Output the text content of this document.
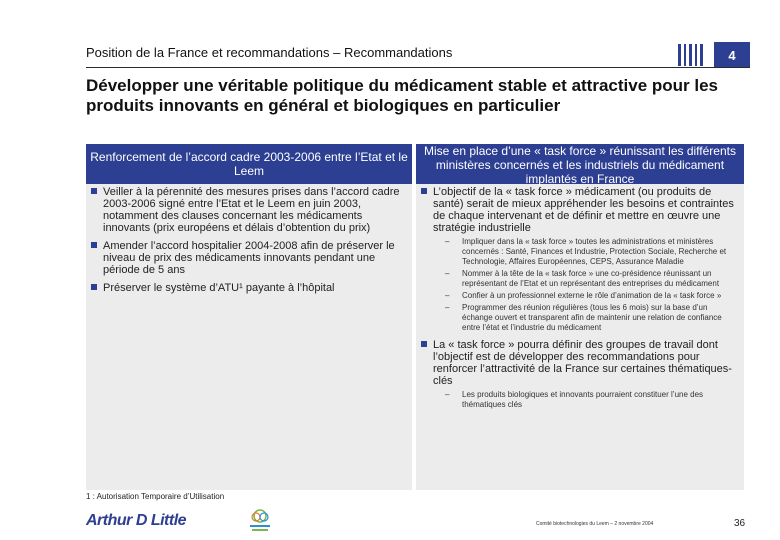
Position de la France et recommandations – Recommandations	4
Développer une véritable politique du médicament stable et attractive pour les produits innovants en général et biologiques en particulier
Renforcement de l’accord cadre 2003-2006 entre l’Etat et le Leem
Veiller à la pérennité des mesures prises dans l’accord cadre 2003-2006 signé entre l’Etat et le Leem en juin 2003, notamment des clauses concernant les médicaments innovants (prix européens et délais d’obtention du prix)
Amender l’accord hospitalier 2004-2008 afin de préserver le niveau de prix des médicaments innovants pendant une période de 5 ans
Préserver le système d’ATU¹ payante à l’hôpital
Mise en place d’une « task force » réunissant les différents ministères concernés et les industriels du médicament implantés en France
L’objectif de la « task force » médicament (ou produits de santé) serait de mieux appréhender les besoins et contraintes de chaque intervenant et de définir et mettre en œuvre une stratégie industrielle
– Impliquer dans la « task force » toutes les administrations et ministères concernés : Santé, Finances et Industrie, Protection Sociale, Recherche et Technologie, Affaires Européennes, CEPS, Assurance Maladie
– Nommer à la tête de la « task force » une co-présidence réunissant un représentant de l’Etat et un représentant des entreprises du médicament
– Confier à un professionnel externe le rôle d’animation de la « task force »
– Programmer des réunion régulières (tous les 6 mois) sur la base d’un échange ouvert et transparent afin de maintenir une relation de confiance entre l’état et l’industrie du médicament
La « task force » pourra définir des groupes de travail dont l’objectif est de développer des recommandations pour renforcer l’attractivité de la France sur certaines thématiques-clés
– Les produits biologiques et innovants pourraient constituer l’une des thématiques clés
1 : Autorisation Temporaire d’Utilisation
Arthur D Little	Comité biotechnologies du Leem – 2 novembre 2004	36
